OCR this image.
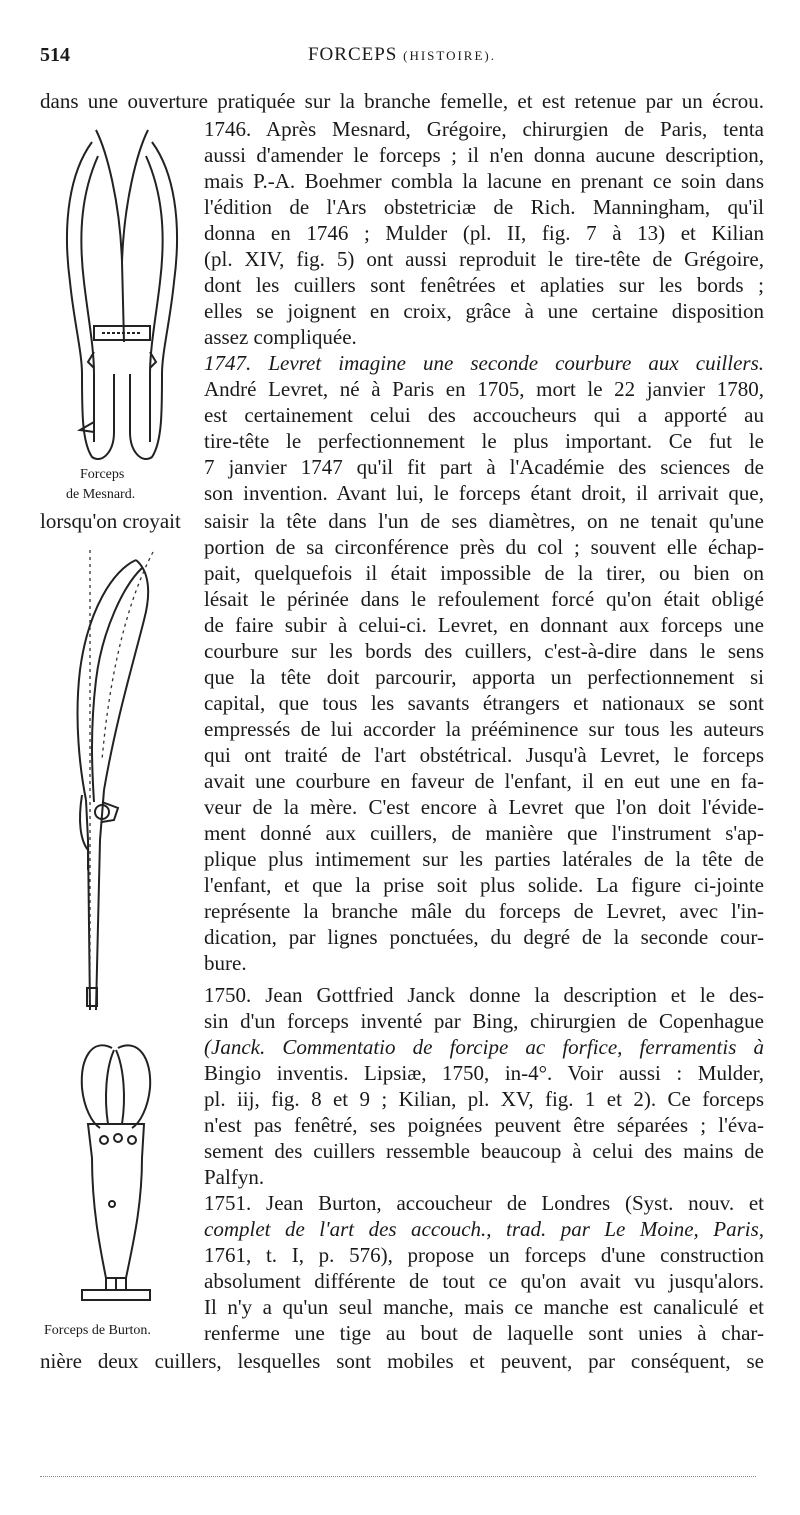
514	FORCEPS (HISTOIRE).
Forceps
de Mesnard.
Forceps de Burton.
dans une ouverture pratiquée sur la branche femelle, et est retenue par un écrou.
1746. Après Mesnard, Grégoire, chirurgien de Paris, tenta
aussi d'amender le forceps ; il n'en donna aucune description,
mais P.-A. Boehmer combla la lacune en prenant ce soin dans
l'édition de l'Ars obstetriciæ de Rich. Manningham, qu'il
donna en 1746 ; Mulder (pl. II, fig. 7 à 13) et Kilian
(pl. XIV, fig. 5) ont aussi reproduit le tire-tête de Grégoire,
dont les cuillers sont fenêtrées et aplaties sur les bords ;
elles se joignent en croix, grâce à une certaine disposition
assez compliquée.
1747. Levret imagine une seconde courbure aux cuillers.
André Levret, né à Paris en 1705, mort le 22 janvier 1780,
est certainement celui des accoucheurs qui a apporté au
tire-tête le perfectionnement le plus important. Ce fut le
7 janvier 1747 qu'il fit part à l'Académie des sciences de
son invention. Avant lui, le forceps étant droit, il arrivait que,
lorsqu'on croyait saisir la tête dans l'un de ses diamètres, on ne tenait qu'une
portion de sa circonférence près du col ; souvent elle échap-
pait, quelquefois il était impossible de la tirer, ou bien on
lésait le périnée dans le refoulement forcé qu'on était obligé
de faire subir à celui-ci. Levret, en donnant aux forceps une
courbure sur les bords des cuillers, c'est-à-dire dans le sens
que la tête doit parcourir, apporta un perfectionnement si
capital, que tous les savants étrangers et nationaux se sont
empressés de lui accorder la prééminence sur tous les auteurs
qui ont traité de l'art obstétrical. Jusqu'à Levret, le forceps
avait une courbure en faveur de l'enfant, il en eut une en fa-
veur de la mère. C'est encore à Levret que l'on doit l'évide-
ment donné aux cuillers, de manière que l'instrument s'ap-
plique plus intimement sur les parties latérales de la tête de
l'enfant, et que la prise soit plus solide. La figure ci-jointe
représente la branche mâle du forceps de Levret, avec l'in-
dication, par lignes ponctuées, du degré de la seconde cour-
bure.
1750. Jean Gottfried Janck donne la description et le des-
sin d'un forceps inventé par Bing, chirurgien de Copenhague
(Janck. Commentatio de forcipe ac forfice, ferramentis à
Bingio inventis. Lipsiæ, 1750, in-4°. Voir aussi : Mulder,
pl. iij, fig. 8 et 9 ; Kilian, pl. XV, fig. 1 et 2). Ce forceps
n'est pas fenêtré, ses poignées peuvent être séparées ; l'éva-
sement des cuillers ressemble beaucoup à celui des mains de
Palfyn.
1751. Jean Burton, accoucheur de Londres (Syst. nouv. et
complet de l'art des accouch., trad. par Le Moine, Paris,
1761, t. I, p. 576), propose un forceps d'une construction
absolument différente de tout ce qu'on avait vu jusqu'alors.
Il n'y a qu'un seul manche, mais ce manche est canaliculé et
renferme une tige au bout de laquelle sont unies à char-
nière deux cuillers, lesquelles sont mobiles et peuvent, par conséquent, se
